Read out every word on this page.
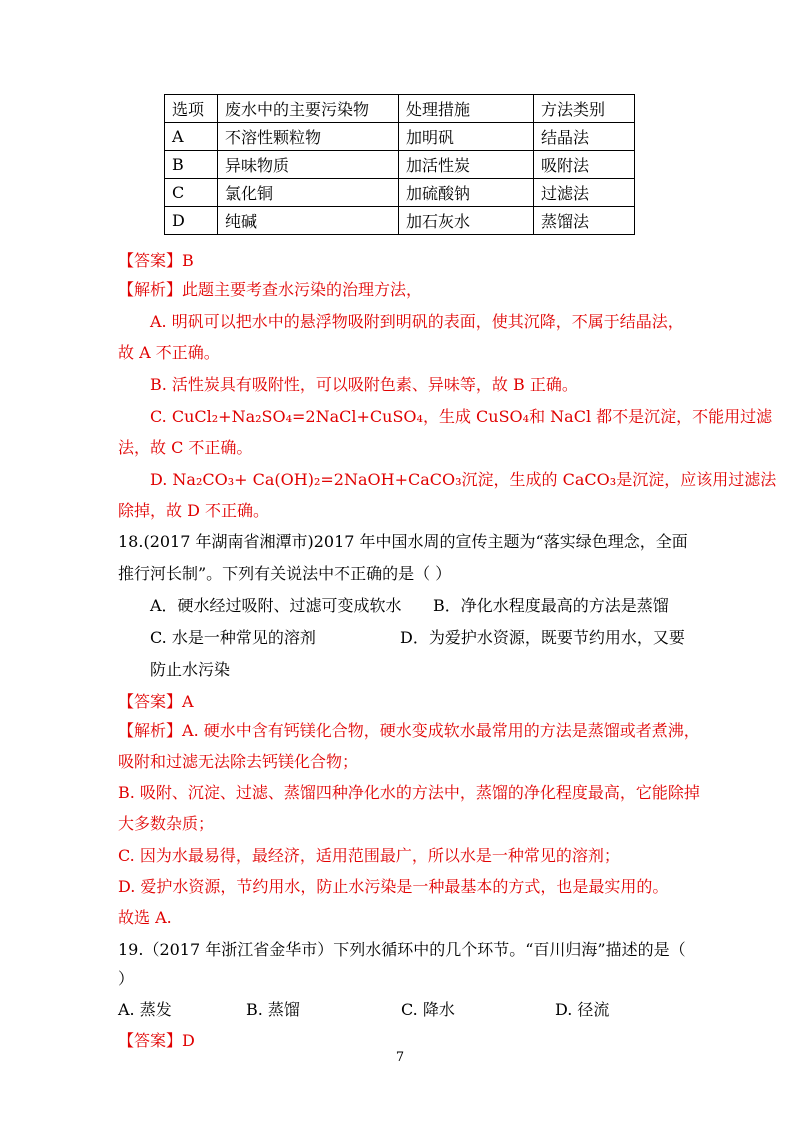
选项	废水中的主要污染物	处理措施	方法类别
A	不溶性颗粒物	加明矾	结晶法
B	异味物质	加活性炭	吸附法
C	氯化铜	加硫酸钠	过滤法
D	纯碱	加石灰水	蒸馏法
【答案】B
【解析】此题主要考查水污染的治理方法，
A. 明矾可以把水中的悬浮物吸附到明矾的表面，使其沉降，不属于结晶法，
故 A 不正确。
B. 活性炭具有吸附性，可以吸附色素、异味等，故 B 正确。
C. CuCl₂+Na₂SO₄=2NaCl+CuSO₄，生成 CuSO₄和 NaCl 都不是沉淀，不能用过滤
法，故 C 不正确。
D. Na₂CO₃+ Ca(OH)₂=2NaOH+CaCO₃沉淀，生成的 CaCO₃是沉淀，应该用过滤法
除掉，故 D 不正确。
18.(2017 年湖南省湘潭市)2017 年中国水周的宣传主题为“落实绿色理念，全面
推行河长制”。下列有关说法中不正确的是（ ）
A．硬水经过吸附、过滤可变成软水 B．净化水程度最高的方法是蒸馏
C. 水是一种常见的溶剂	D．为爱护水资源，既要节约用水，又要
防止水污染
【答案】A
【解析】A. 硬水中含有钙镁化合物，硬水变成软水最常用的方法是蒸馏或者煮沸，
吸附和过滤无法除去钙镁化合物；
B. 吸附、沉淀、过滤、蒸馏四种净化水的方法中，蒸馏的净化程度最高，它能除掉
大多数杂质；
C. 因为水最易得，最经济，适用范围最广，所以水是一种常见的溶剂；
D. 爱护水资源，节约用水，防止水污染是一种最基本的方式，也是最实用的。
故选 A.
19.（2017 年浙江省金华市）下列水循环中的几个环节。“百川归海”描述的是（
）
A. 蒸发	B. 蒸馏	C. 降水	D. 径流
【答案】D
7
